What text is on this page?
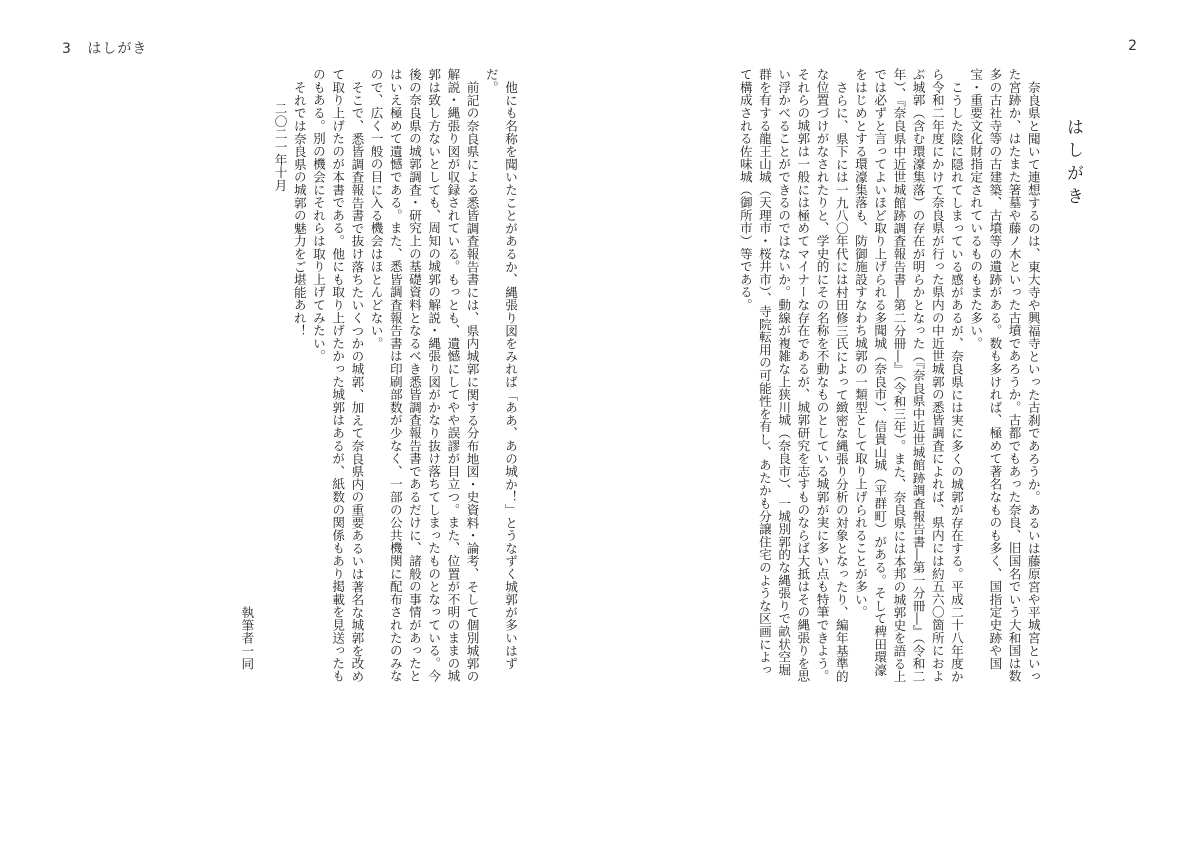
3 はしがき	2
はしがき

奈良県と聞いて連想するのは、東大寺や興福寺といった古刹であろうか。あるいは藤原宮や平城宮といった宮跡か、はたまた箸墓や藤ノ木といった古墳であろうか。古都でもあった奈良、旧国名でいう大和国は数多の古社寺等の古建築、古墳等の遺跡がある。数も多ければ、極めて著名なものも多く、国指定史跡や国宝・重要文化財指定されているものもまた多い。

こうした陰に隠れてしまっている感があるが、奈良県には実に多くの城郭が存在する。平成二十八年度から令和二年度にかけて奈良県が行った県内の中近世城郭の悉皆調査によれば、県内には約五六〇箇所におよぶ城郭（含む環濠集落）の存在が明らかとなった（『奈良県中近世城館跡調査報告書―第一分冊―』（令和二年）、『奈良県中近世城館跡調査報告書―第二分冊―』（令和三年）。また、奈良県には本邦の城郭史を語る上では必ずと言ってよいほど取り上げられる多聞城（奈良市）、信貴山城（平群町）がある。そして稗田環濠をはじめとする環濠集落も、防御施設すなわち城郭の一類型として取り上げられることが多い。

さらに、県下には一九八〇年代には村田修三氏によって緻密な縄張り分析の対象となったり、編年基準的な位置づけがなされたりと、学史的にその名称を不動なものとしている城郭が実に多い点も特筆できよう。それらの城郭は一般には極めてマイナーな存在であるが、城郭研究を志すものならば大抵はその縄張りを思い浮かべることができるのではないか。動線が複雑な上狭川城（奈良市）、一城別郭的な縄張りで畝状空堀群を有する龍王山城（天理市・桜井市）、寺院転用の可能性を有し、あたかも分譲住宅のような区画によって構成される佐味城（御所市）等である。

他にも名称を聞いたことがあるか、縄張り図をみれば「ああ、あの城か！」とうなずく城郭が多いはずだ。

前記の奈良県による悉皆調査報告書には、県内城郭に関する分布地図・史資料・論考、そして個別城郭の解説・縄張り図が収録されている。もっとも、遺憾にしてやや誤謬が目立つ。また、位置が不明のままの城郭は致し方ないとしても、周知の城郭の解説・縄張り図がかなり抜け落ちてしまったものとなっている。今後の奈良県の城郭調査・研究上の基礎資料となるべき悉皆調査報告書であるだけに、諸般の事情があったとはいえ極めて遺憾である。また、悉皆調査報告書は印刷部数が少なく、一部の公共機関に配布されたのみなので、広く一般の目に入る機会はほとんどない。

そこで、悉皆調査報告書で抜け落ちたいくつかの城郭、加えて奈良県内の重要あるいは著名な城郭を改めて取り上げたのが本書である。他にも取り上げたかった城郭はあるが、紙数の関係もあり掲載を見送ったものもある。別の機会にそれらは取り上げてみたい。

それでは奈良県の城郭の魅力をご堪能あれ！

二〇二一年十月
執筆者一同
